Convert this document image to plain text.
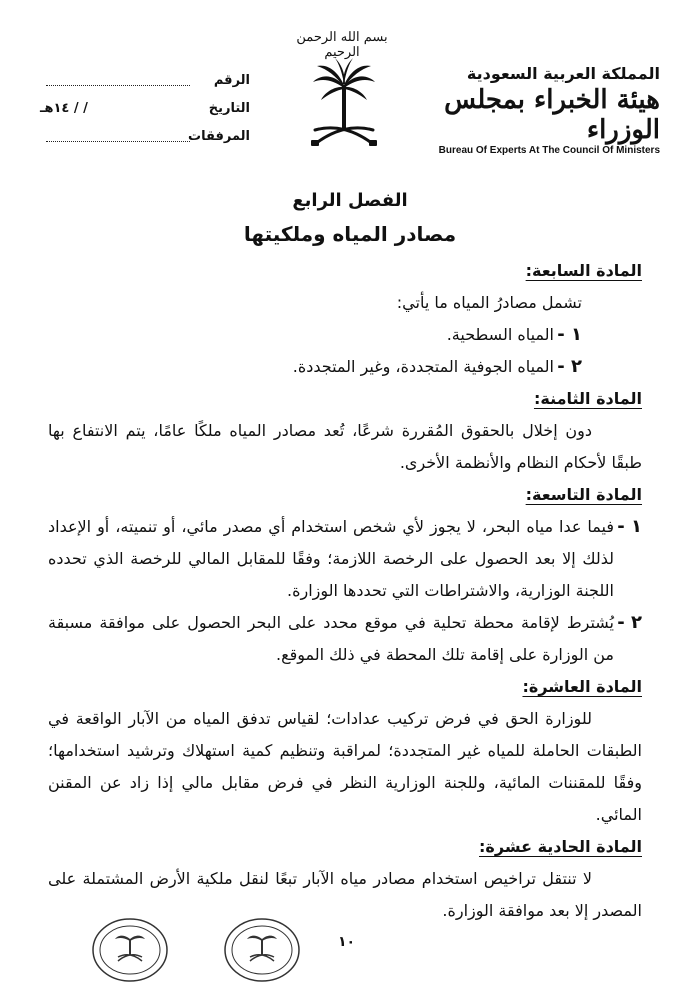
الرقم
التاريخ
/ / ١٤هـ
المرفقات
بسم الله الرحمن الرحيم
المملكة العربية السعودية
هيئة الخبراء بمجلس الوزراء
Bureau Of Experts At The Council Of Ministers
الفصل الرابع
مصادر المياه وملكيتها
المادة السابعة:
تشمل مصادرُ المياه ما يأتي:
١ -
المياه السطحية.
٢ -
المياه الجوفية المتجددة، وغير المتجددة.
المادة الثامنة:
دون إخلال بالحقوق المُقررة شرعًا، تُعد مصادر المياه ملكًا عامًا، يتم الانتفاع بها طبقًا لأحكام النظام والأنظمة الأخرى.
المادة التاسعة:
١ -
فيما عدا مياه البحر، لا يجوز لأي شخص استخدام أي مصدر مائي، أو تنميته، أو الإعداد لذلك إلا بعد الحصول على الرخصة اللازمة؛ وفقًا للمقابل المالي للرخصة الذي تحدده اللجنة الوزارية، والاشتراطات التي تحددها الوزارة.
٢ -
يُشترط لإقامة محطة تحلية في موقع محدد على البحر الحصول على موافقة مسبقة من الوزارة على إقامة تلك المحطة في ذلك الموقع.
المادة العاشرة:
للوزارة الحق في فرض تركيب عدادات؛ لقياس تدفق المياه من الآبار الواقعة في الطبقات الحاملة للمياه غير المتجددة؛ لمراقبة وتنظيم كمية استهلاك وترشيد استخدامها؛ وفقًا للمقننات المائية، وللجنة الوزارية النظر في فرض مقابل مالي إذا زاد عن المقنن المائي.
المادة الحادية عشرة:
لا تنتقل تراخيص استخدام مصادر مياه الآبار تبعًا لنقل ملكية الأرض المشتملة على المصدر إلا بعد موافقة الوزارة.
١٠
